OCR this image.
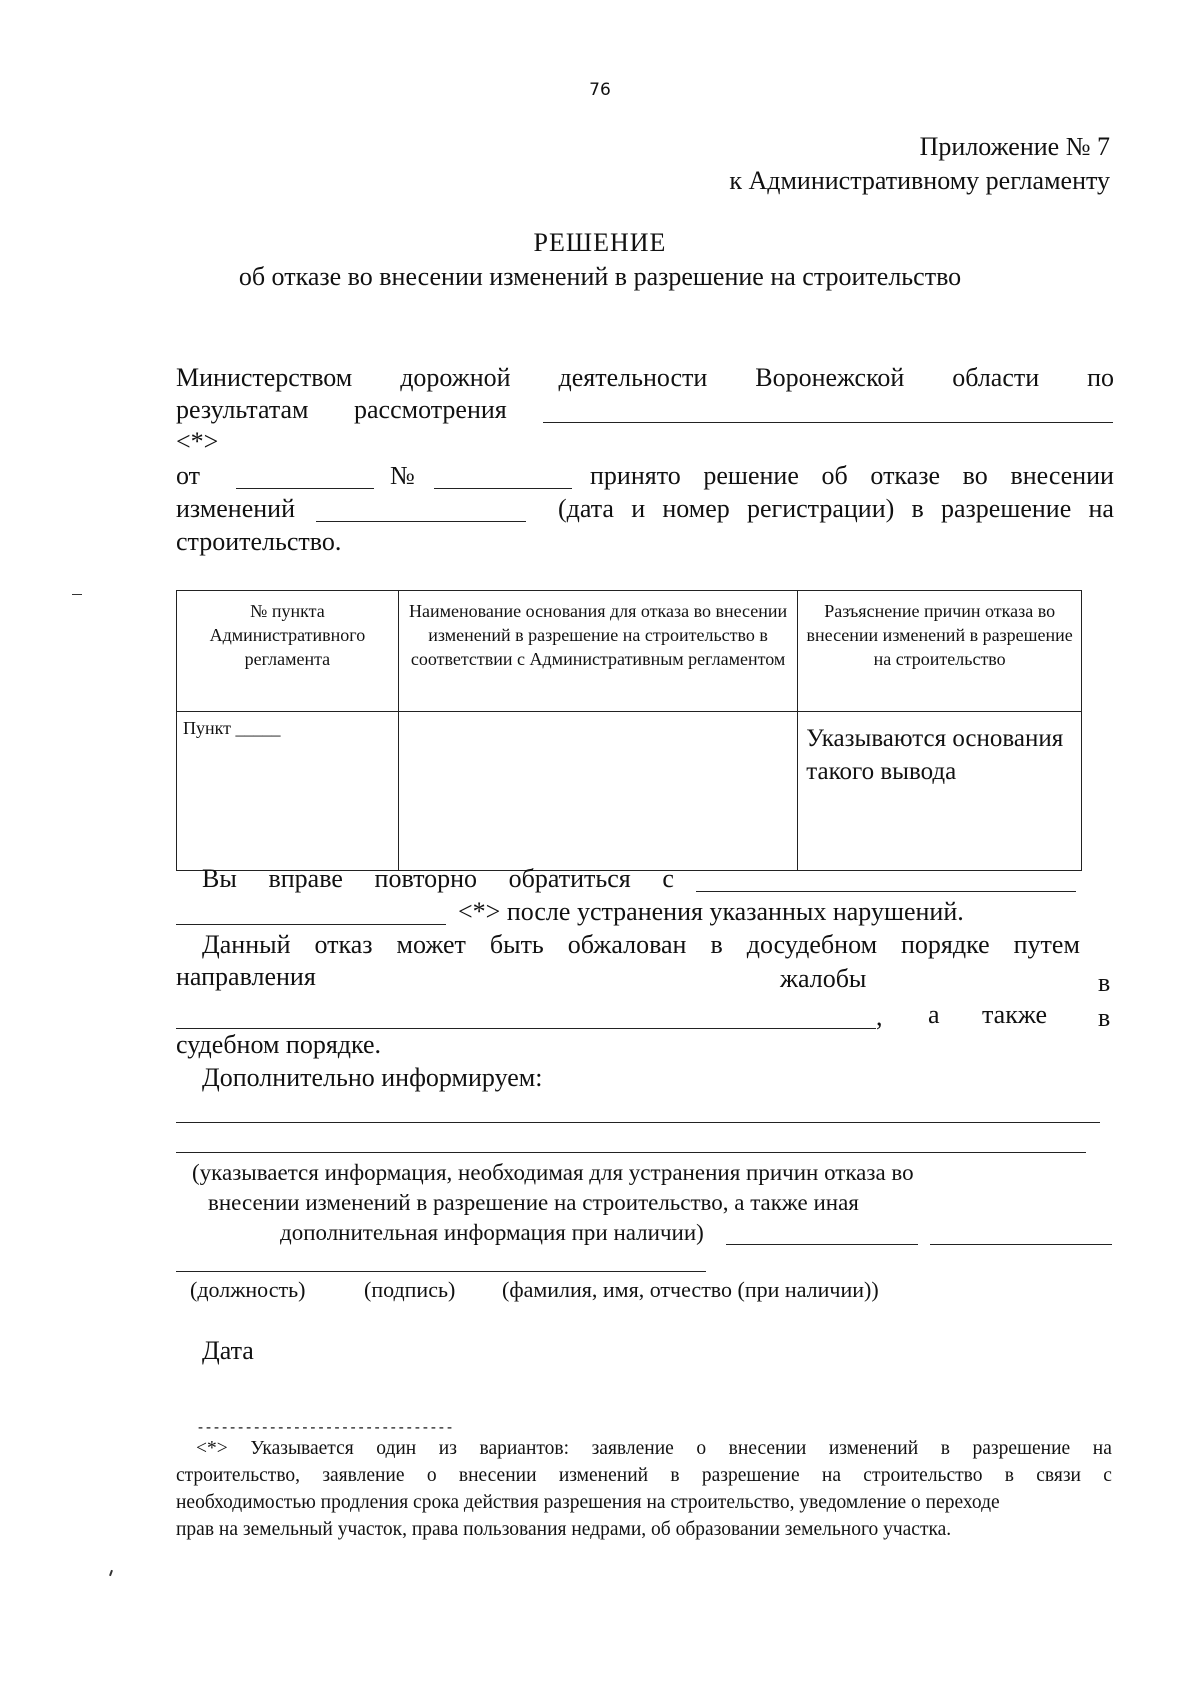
76
Приложение № 7
к Административному регламенту
РЕШЕНИЕ
об отказе во внесении изменений в разрешение на строительство
Министерством дорожной деятельности Воронежской области по
результатам рассмотрения
<*>
от	№	принято решение об отказе во внесении
изменений	(дата и номер регистрации) в разрешение на
строительство.
№ пункта Административного регламента	Наименование основания для отказа во внесении изменений в разрешение на строительство в соответствии с Административным регламентом	Разъяснение причин отказа во внесении изменений в разрешение на строительство
Пункт _____		Указываются основания такого вывода
Вы вправе повторно обратиться с
<*> после устранения указанных нарушений.
Данный отказ может быть обжалован в досудебном порядке путем
направления	жалобы	в
, а также в
судебном порядке.
Дополнительно информируем:
(указывается информация, необходимая для устранения причин отказа во
внесении изменений в разрешение на строительство, а также иная
дополнительная информация при наличии)
(должность)	(подпись) (фамилия, имя, отчество (при наличии))
Дата
--------------------------------
<*> Указывается один из вариантов: заявление о внесении изменений в разрешение на
строительство, заявление о внесении изменений в разрешение на строительство в связи с
необходимостью продления срока действия разрешения на строительство, уведомление о переходе
прав на земельный участок, права пользования недрами, об образовании земельного участка.
